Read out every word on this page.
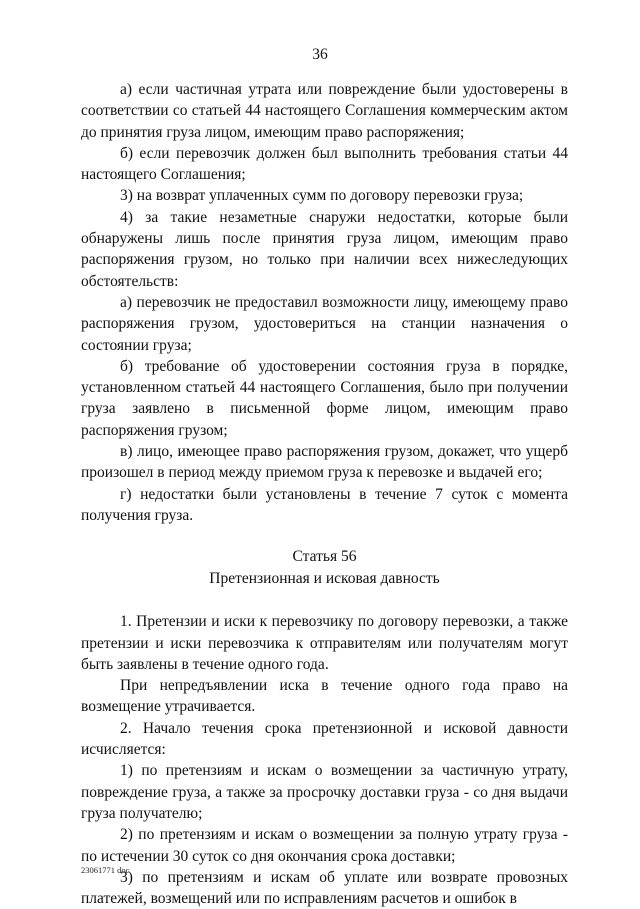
36

а) если частичная утрата или повреждение были удостоверены в соответствии со статьей 44 настоящего Соглашения коммерческим актом до принятия груза лицом, имеющим право распоряжения;

б) если перевозчик должен был выполнить требования статьи 44 настоящего Соглашения;

3) на возврат уплаченных сумм по договору перевозки груза;

4) за такие незаметные снаружи недостатки, которые были обнаружены лишь после принятия груза лицом, имеющим право распоряжения грузом, но только при наличии всех нижеследующих обстоятельств:

а) перевозчик не предоставил возможности лицу, имеющему право распоряжения грузом, удостовериться на станции назначения о состоянии груза;

б) требование об удостоверении состояния груза в порядке, установленном статьей 44 настоящего Соглашения, было при получении груза заявлено в письменной форме лицом, имеющим право распоряжения грузом;

в) лицо, имеющее право распоряжения грузом, докажет, что ущерб произошел в период между приемом груза к перевозке и выдачей его;

г) недостатки были установлены в течение 7 суток с момента получения груза.

Статья 56

Претензионная и исковая давность

1. Претензии и иски к перевозчику по договору перевозки, а также претензии и иски перевозчика к отправителям или получателям могут быть заявлены в течение одного года.

При непредъявлении иска в течение одного года право на возмещение утрачивается.

2. Начало течения срока претензионной и исковой давности исчисляется:

1) по претензиям и искам о возмещении за частичную утрату, повреждение груза, а также за просрочку доставки груза - со дня выдачи груза получателю;

2) по претензиям и искам о возмещении за полную утрату груза - по истечении 30 суток со дня окончания срока доставки;

3) по претензиям и искам об уплате или возврате провозных платежей, возмещений или по исправлениям расчетов и ошибок в

23061771 doc
